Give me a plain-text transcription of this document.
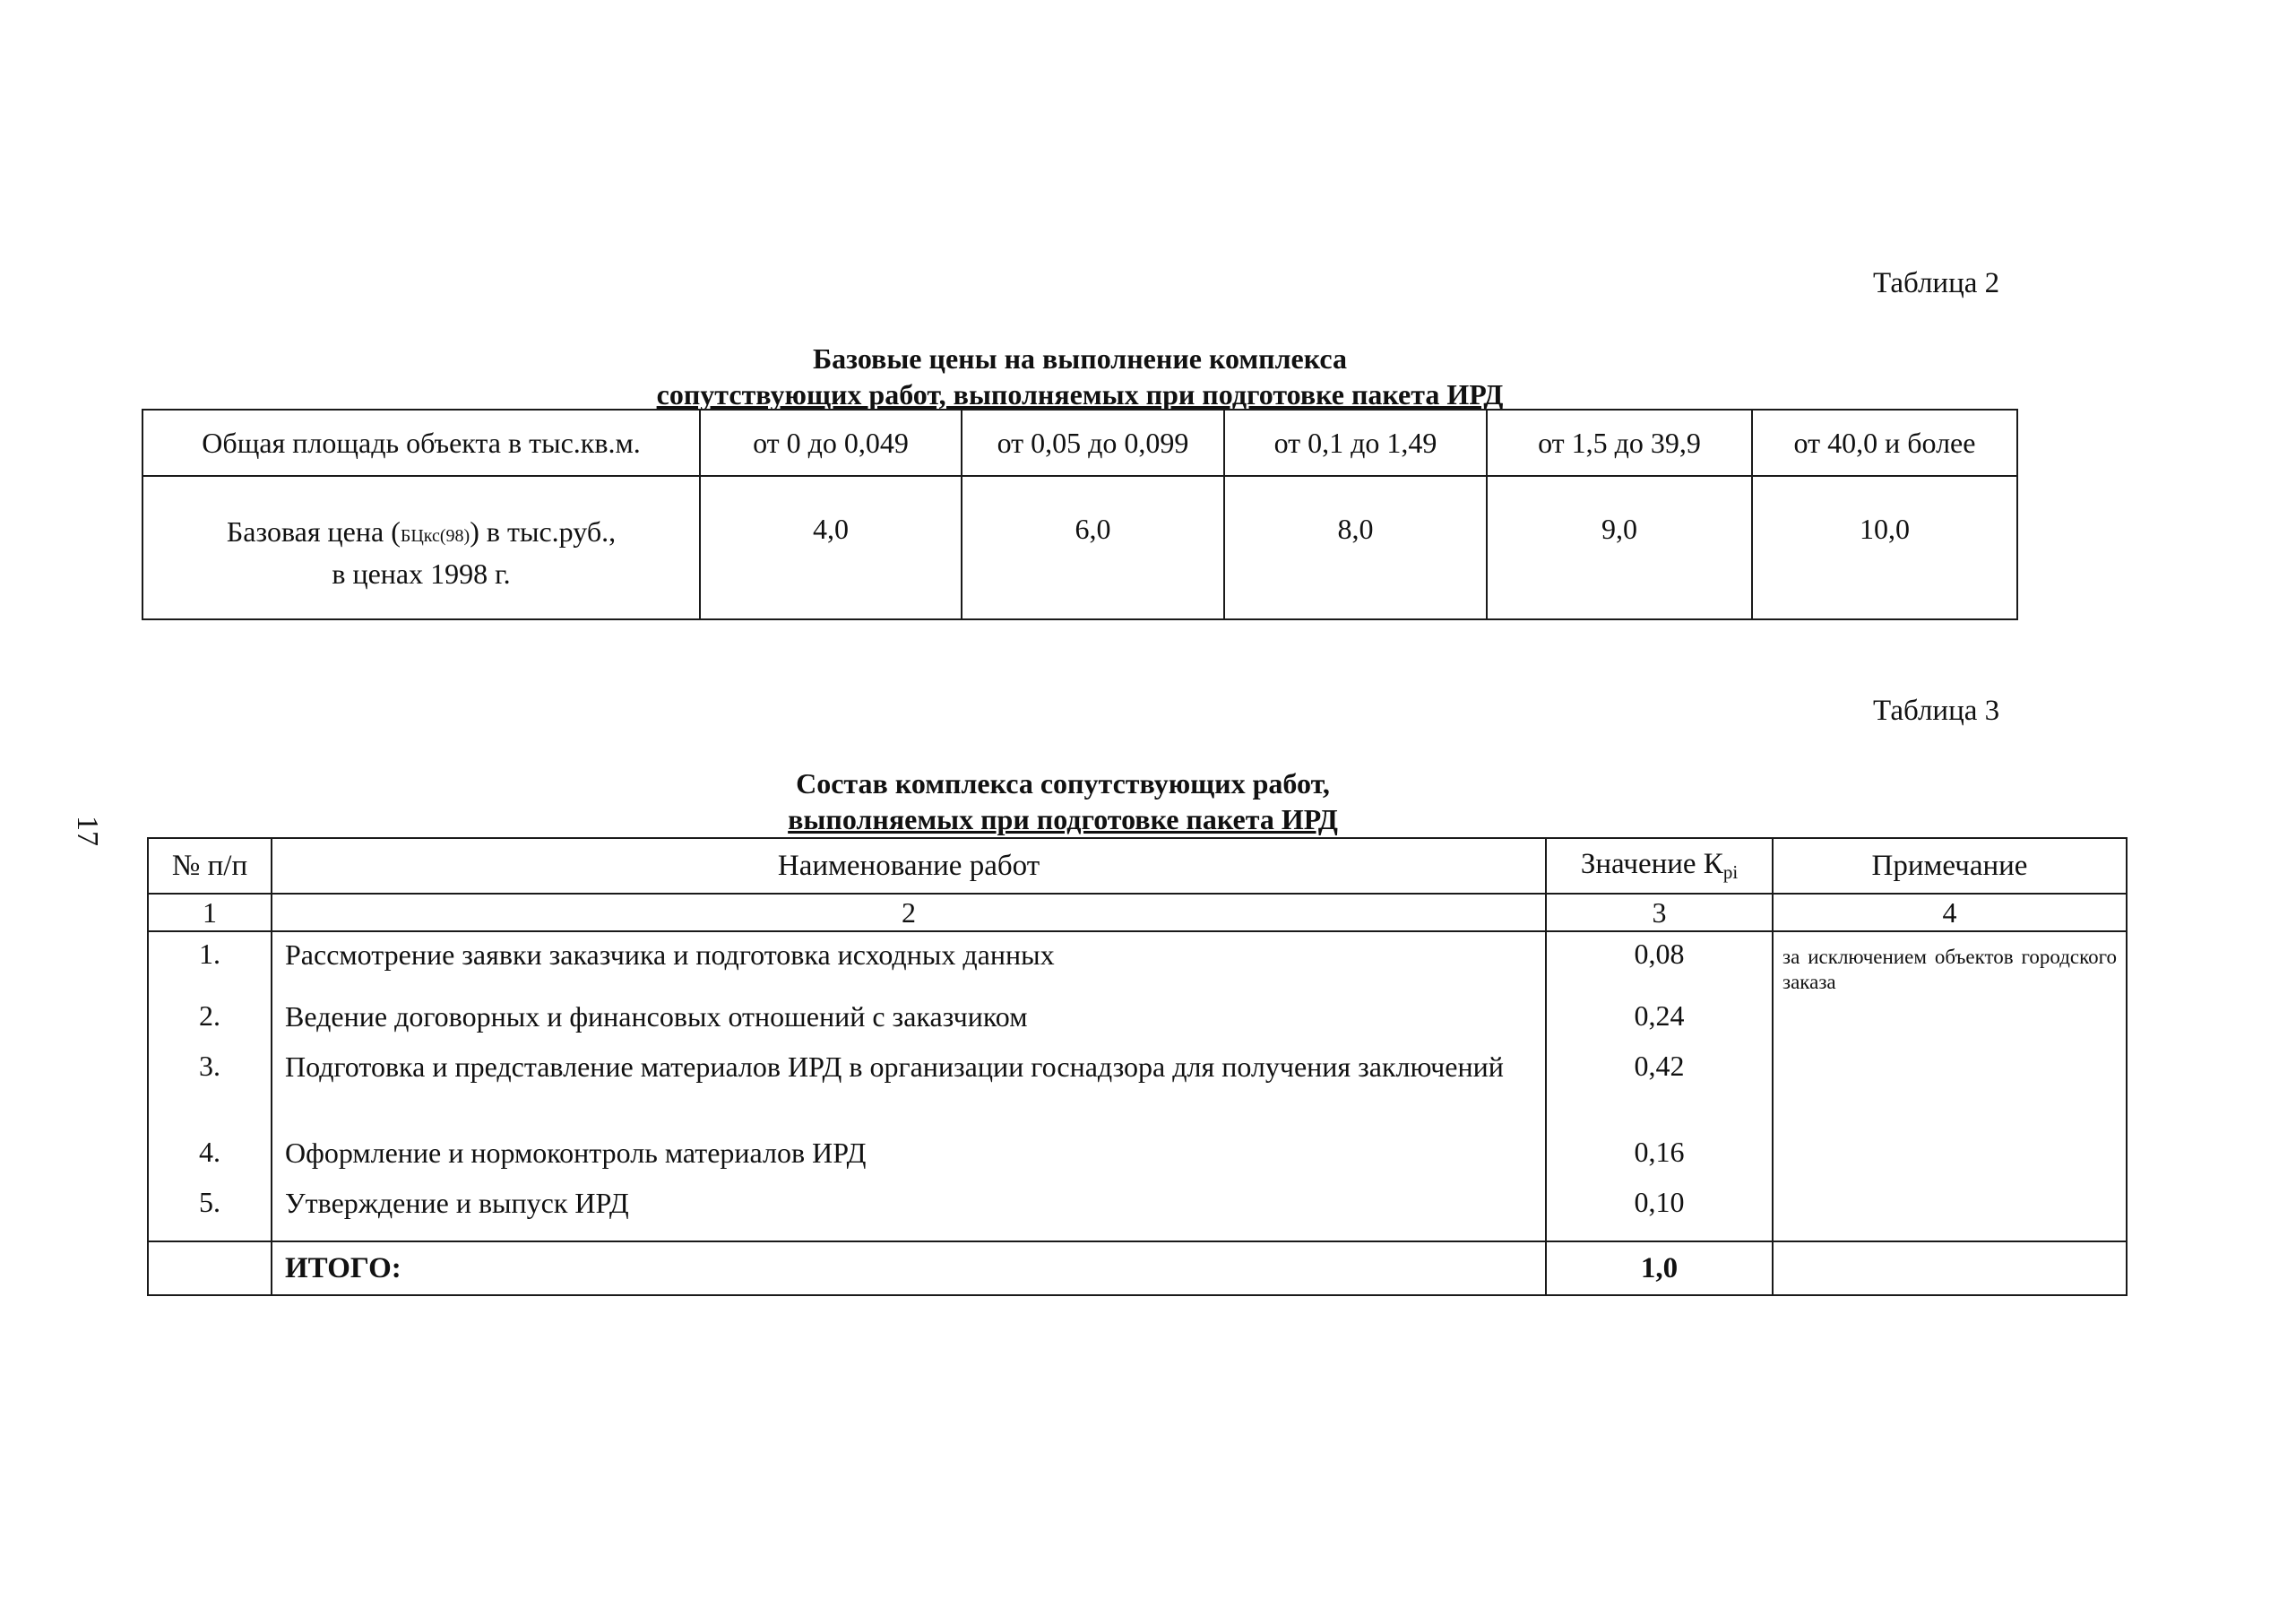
17
Таблица 2
Базовые цены на выполнение комплекса
сопутствующих работ, выполняемых при подготовке пакета ИРД
Общая площадь объекта в тыс.кв.м.	от 0 до 0,049	от 0,05 до 0,099	от 0,1 до 1,49	от 1,5 до 39,9	от 40,0 и более
Базовая цена (БЦкс(98)) в тыс.руб.,
в ценах 1998 г.	4,0	6,0	8,0	9,0	10,0
Таблица 3
Состав комплекса сопутствующих работ,
выполняемых при подготовке пакета ИРД
№ п/п	Наименование работ	Значение Крi	Примечание
1	2	3	4
1.	Рассмотрение заявки заказчика и подготовка исходных данных	0,08	за исключением объектов городского заказа

2.	Ведение договорных и финансовых отношений с заказчиком	0,24	
3.	Подготовка и представление материалов ИРД в организации госнадзора для получения заключений	0,42	
4.	Оформление и нормоконтроль материалов ИРД	0,16	
5.	Утверждение и выпуск ИРД	0,10	
	ИТОГО:	1,0	
